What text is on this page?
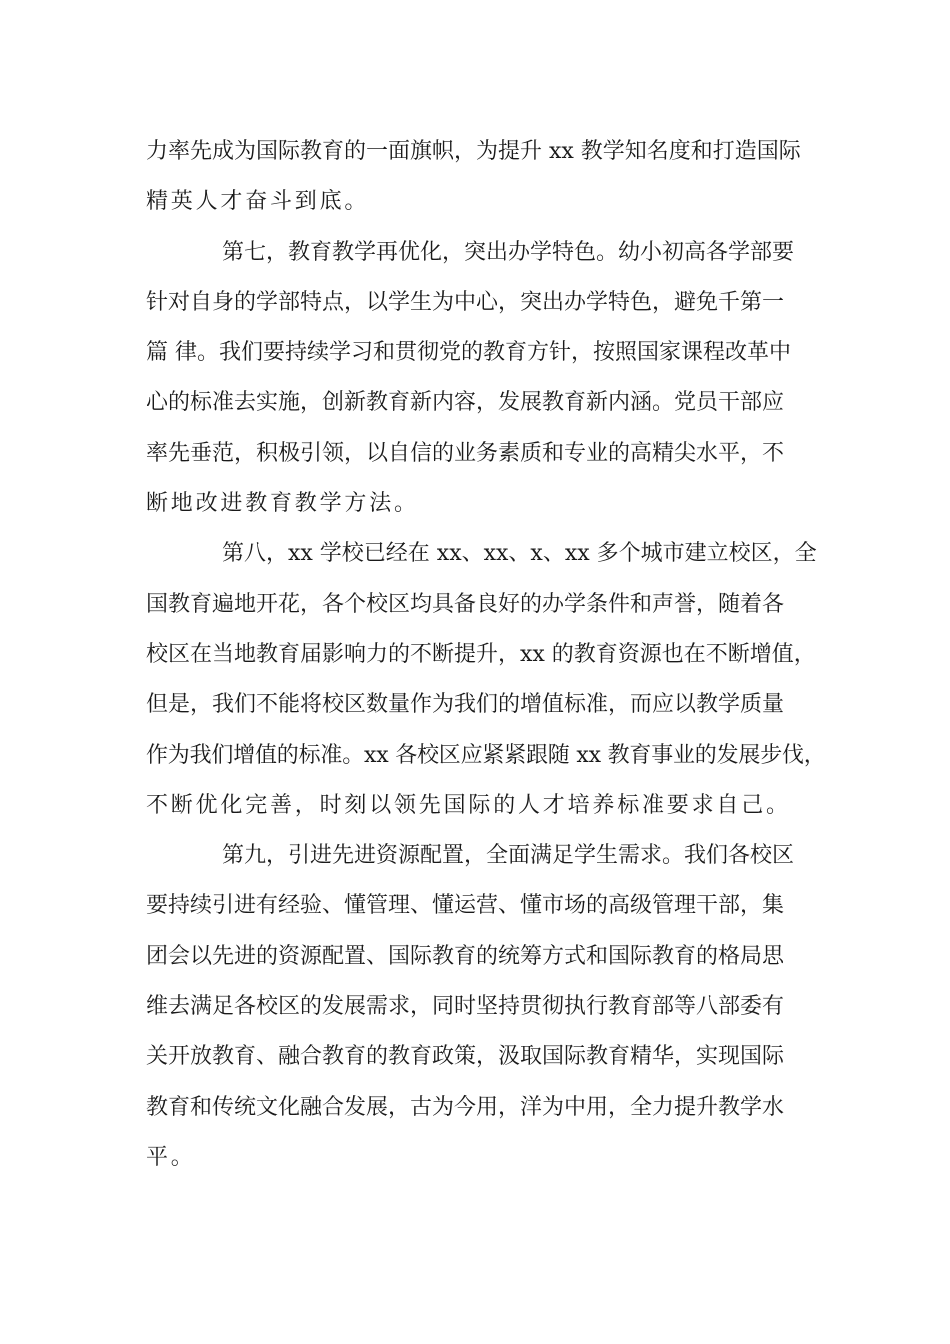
力率先成为国际教育的一面旗帜，为提升 xx 教学知名度和打造国际
精英人才奋斗到底。
第七，教育教学再优化，突出办学特色。幼小初高各学部要
针对自身的学部特点，以学生为中心，突出办学特色，避免千第一
篇 律。我们要持续学习和贯彻党的教育方针，按照国家课程改革中
心的标准去实施，创新教育新内容，发展教育新内涵。党员干部应
率先垂范，积极引领，以自信的业务素质和专业的高精尖水平，不
断地改进教育教学方法。
第八，xx 学校已经在 xx、xx、x、xx 多个城市建立校区，全
国教育遍地开花，各个校区均具备良好的办学条件和声誉，随着各
校区在当地教育届影响力的不断提升，xx 的教育资源也在不断增值，
但是，我们不能将校区数量作为我们的增值标准，而应以教学质量
作为我们增值的标准。xx 各校区应紧紧跟随 xx 教育事业的发展步伐，
不断优化完善，时刻以领先国际的人才培养标准要求自己。
第九，引进先进资源配置，全面满足学生需求。我们各校区
要持续引进有经验、懂管理、懂运营、懂市场的高级管理干部，集
团会以先进的资源配置、国际教育的统筹方式和国际教育的格局思
维去满足各校区的发展需求，同时坚持贯彻执行教育部等八部委有
关开放教育、融合教育的教育政策，汲取国际教育精华，实现国际
教育和传统文化融合发展，古为今用，洋为中用，全力提升教学水
平。
